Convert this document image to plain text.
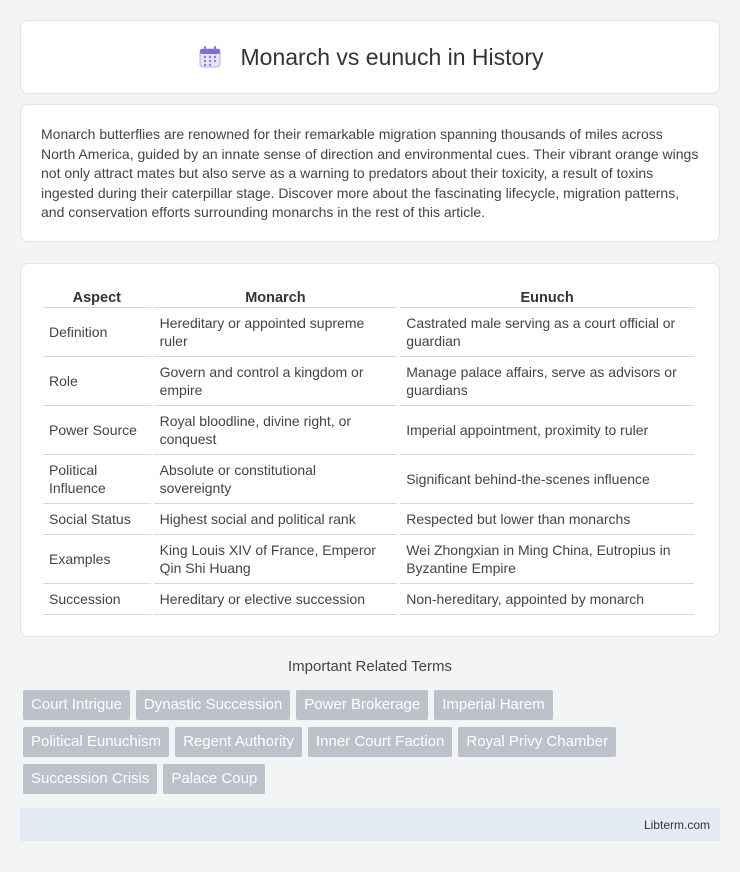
Monarch vs eunuch in History

Monarch butterflies are renowned for their remarkable migration spanning thousands of miles across North America, guided by an innate sense of direction and environmental cues. Their vibrant orange wings not only attract mates but also serve as a warning to predators about their toxicity, a result of toxins ingested during their caterpillar stage. Discover more about the fascinating lifecycle, migration patterns, and conservation efforts surrounding monarchs in the rest of this article.

Aspect	Monarch	Eunuch
Definition	Hereditary or appointed supreme ruler	Castrated male serving as a court official or guardian
Role	Govern and control a kingdom or empire	Manage palace affairs, serve as advisors or guardians
Power Source	Royal bloodline, divine right, or conquest	Imperial appointment, proximity to ruler
Political Influence	Absolute or constitutional sovereignty	Significant behind-the-scenes influence
Social Status	Highest social and political rank	Respected but lower than monarchs
Examples	King Louis XIV of France, Emperor Qin Shi Huang	Wei Zhongxian in Ming China, Eutropius in Byzantine Empire
Succession	Hereditary or elective succession	Non-hereditary, appointed by monarch
Important Related Terms
Court Intrigue	Dynastic Succession	Power Brokerage	Imperial Harem
Political Eunuchism	Regent Authority	Inner Court Faction	Royal Privy Chamber
Succession Crisis	Palace Coup
Libterm.com
